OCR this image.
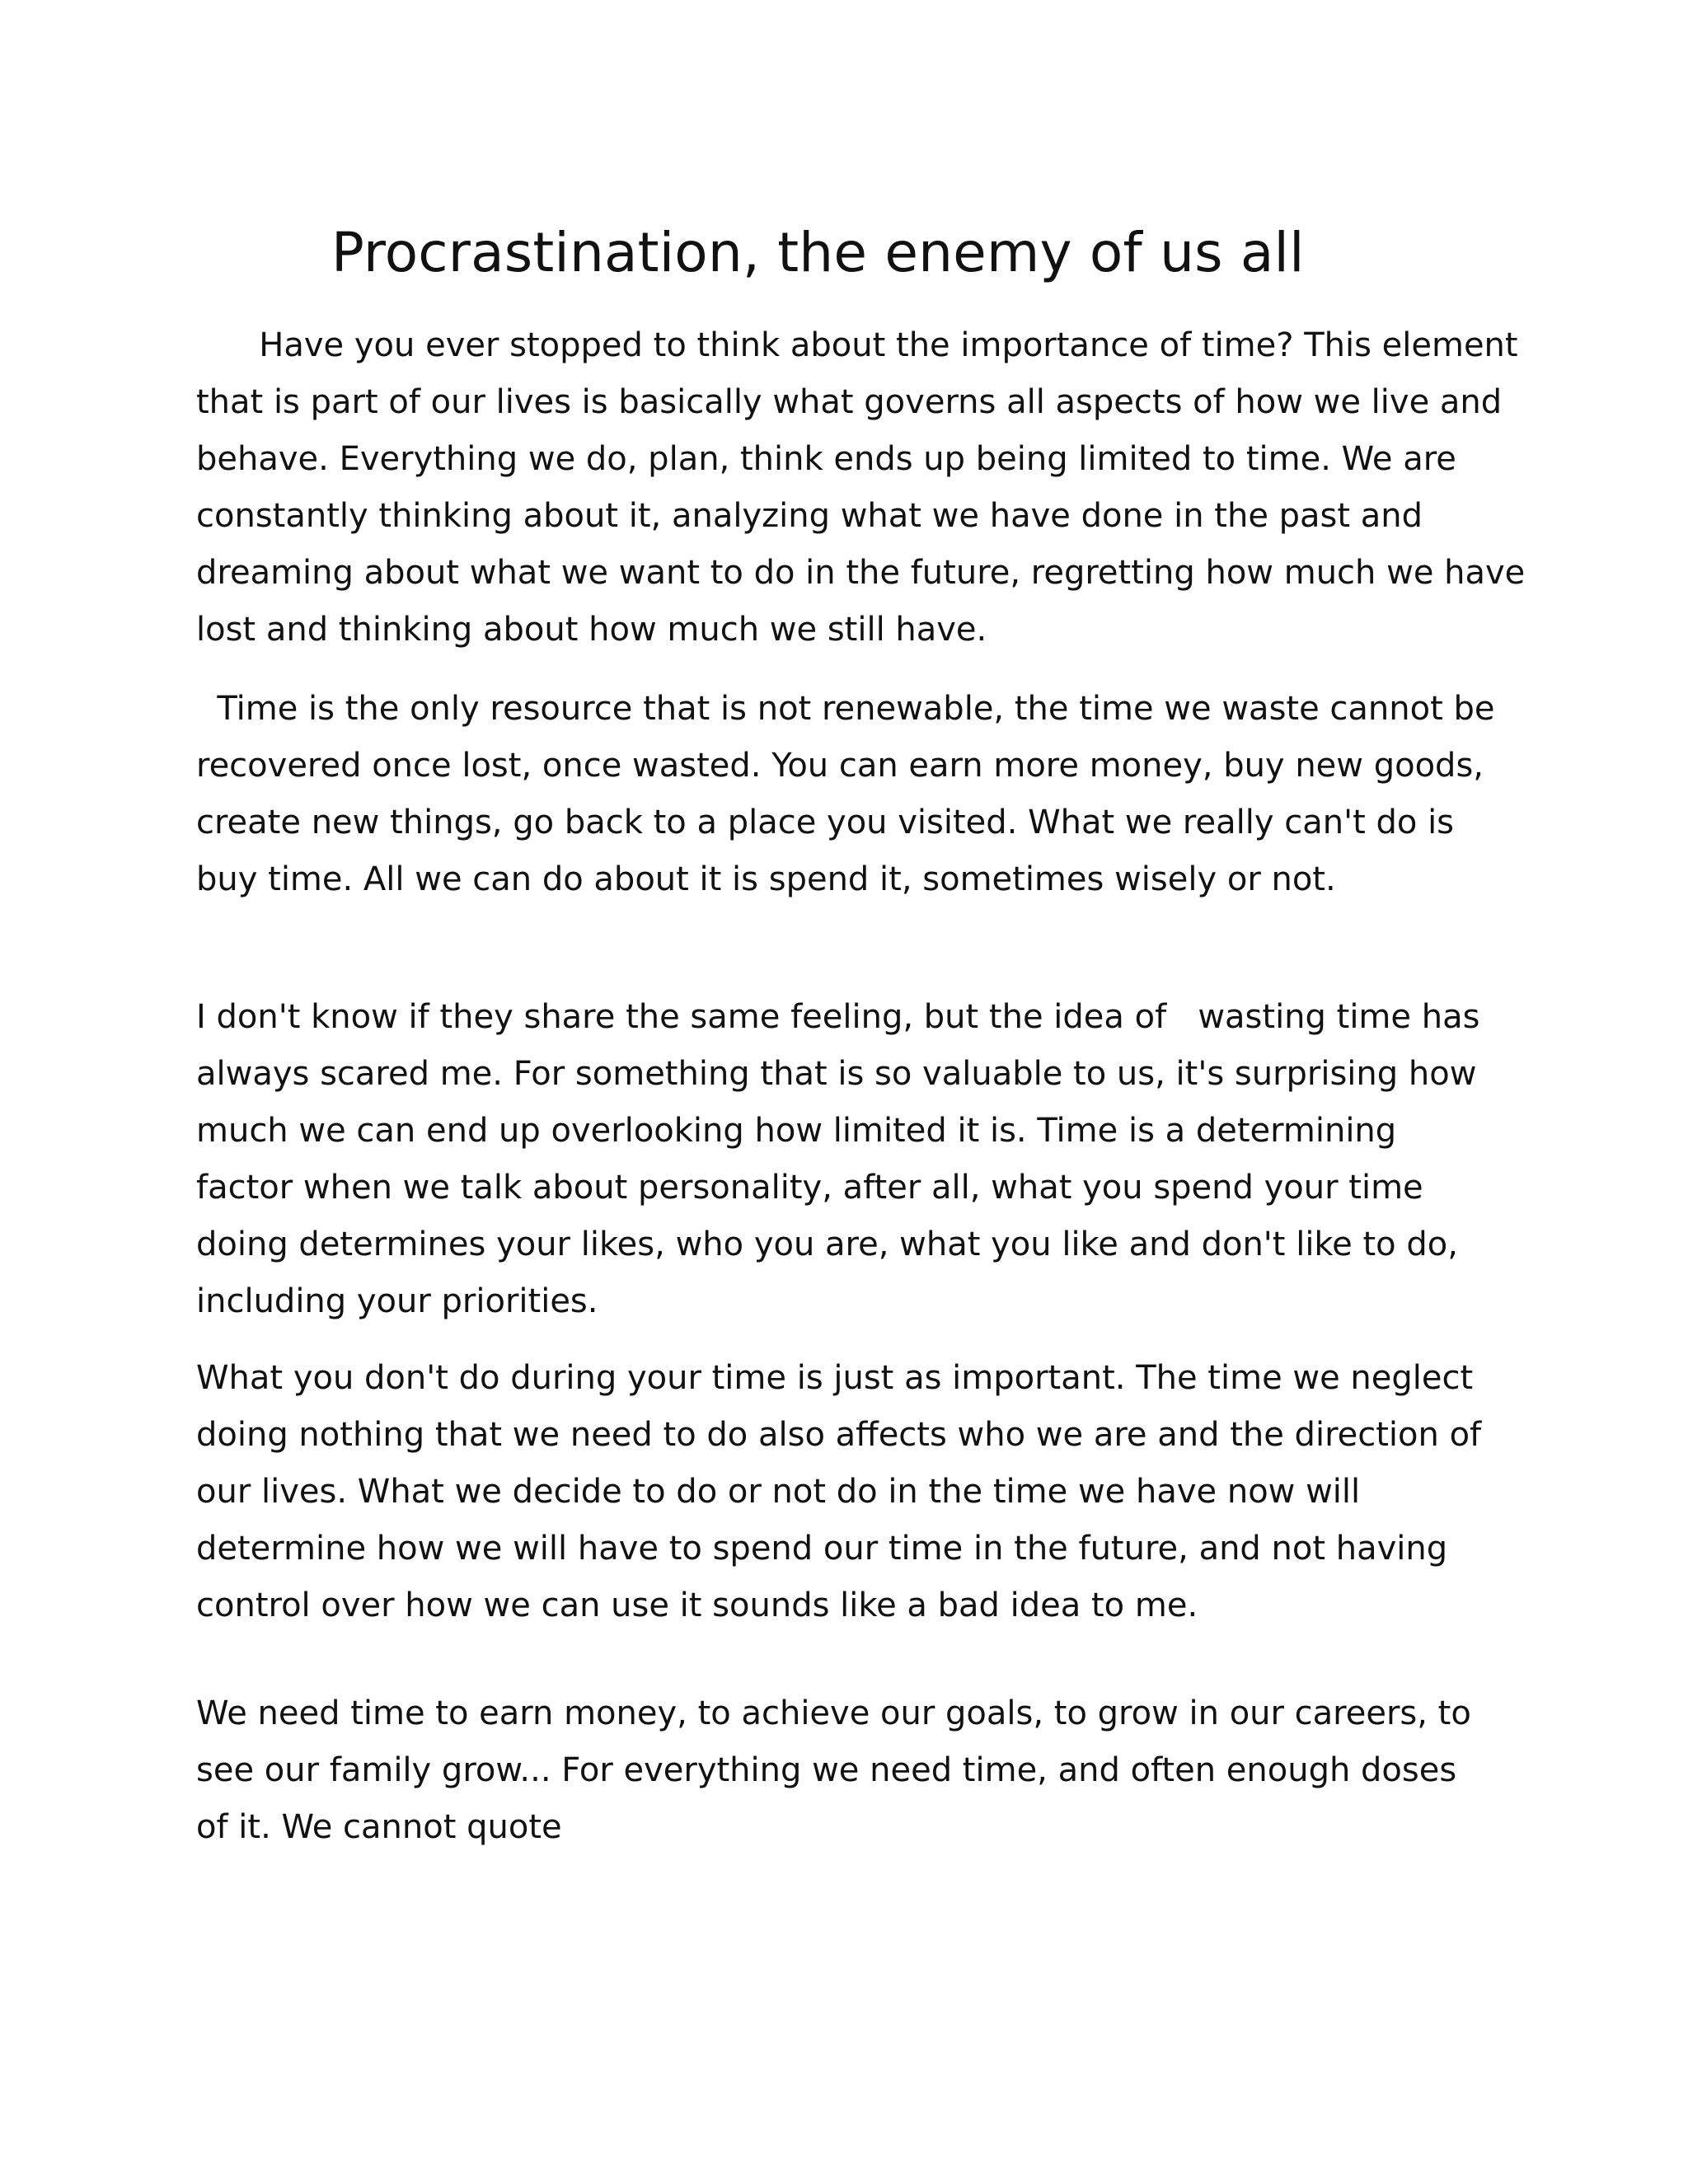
Procrastination, the enemy of us all

Have you ever stopped to think about the importance of time? This element
that is part of our lives is basically what governs all aspects of how we live and
behave. Everything we do, plan, think ends up being limited to time. We are
constantly thinking about it, analyzing what we have done in the past and
dreaming about what we want to do in the future, regretting how much we have
lost and thinking about how much we still have.

Time is the only resource that is not renewable, the time we waste cannot be
recovered once lost, once wasted. You can earn more money, buy new goods,
create new things, go back to a place you visited. What we really can't do is
buy time. All we can do about it is spend it, sometimes wisely or not.

I don't know if they share the same feeling, but the idea of   wasting time has
always scared me. For something that is so valuable to us, it's surprising how
much we can end up overlooking how limited it is. Time is a determining
factor when we talk about personality, after all, what you spend your time
doing determines your likes, who you are, what you like and don't like to do,
including your priorities.

What you don't do during your time is just as important. The time we neglect
doing nothing that we need to do also affects who we are and the direction of
our lives. What we decide to do or not do in the time we have now will
determine how we will have to spend our time in the future, and not having
control over how we can use it sounds like a bad idea to me.

We need time to earn money, to achieve our goals, to grow in our careers, to
see our family grow... For everything we need time, and often enough doses
of it. We cannot quote
